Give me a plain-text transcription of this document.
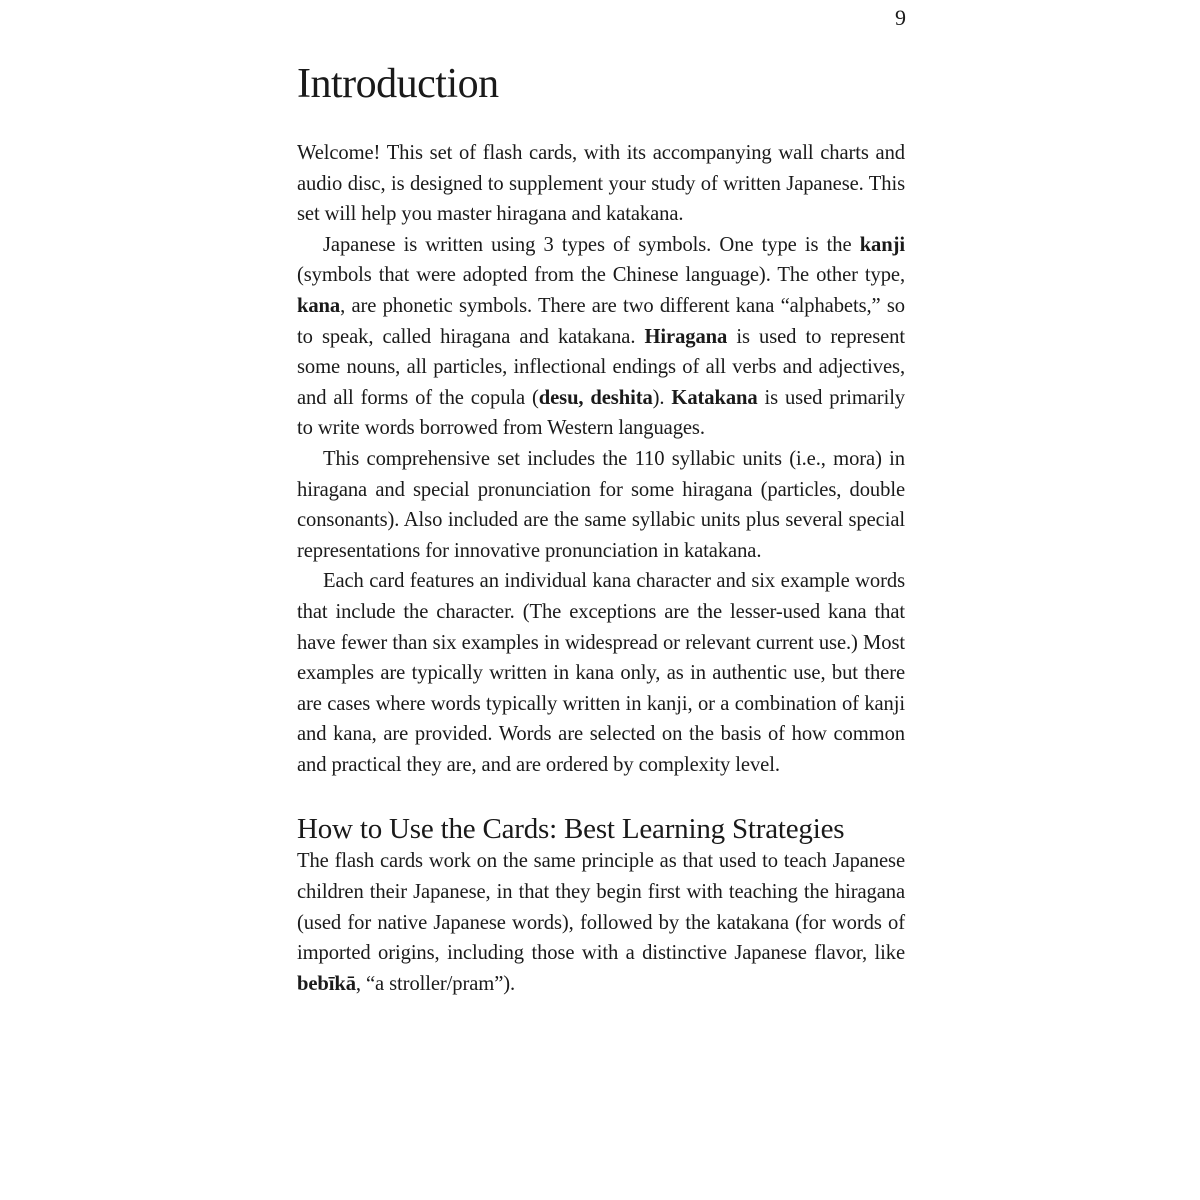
9
Introduction

Welcome! This set of flash cards, with its accompanying wall charts and audio disc, is designed to supplement your study of written Japanese. This set will help you master hiragana and katakana.

Japanese is written using 3 types of symbols. One type is the kanji (symbols that were adopted from the Chinese language). The other type, kana, are phonetic symbols. There are two different kana “alphabets,” so to speak, called hiragana and katakana. Hiragana is used to represent some nouns, all particles, inflectional endings of all verbs and adjectives, and all forms of the copula (desu, deshita). Katakana is used primarily to write words borrowed from Western languages.

This comprehensive set includes the 110 syllabic units (i.e., mora) in hiragana and special pronunciation for some hiragana (particles, double consonants). Also included are the same syllabic units plus several special representations for innovative pronunciation in katakana.

Each card features an individual kana character and six example words that include the character. (The exceptions are the lesser-used kana that have fewer than six examples in widespread or relevant current use.) Most examples are typically written in kana only, as in authentic use, but there are cases where words typically written in kanji, or a combination of kanji and kana, are provided. Words are selected on the basis of how common and practical they are, and are ordered by complexity level.

How to Use the Cards: Best Learning Strategies

The flash cards work on the same principle as that used to teach Japanese children their Japanese, in that they begin first with teaching the hiragana (used for native Japanese words), followed by the katakana (for words of imported origins, including those with a distinctive Japanese flavor, like bebīkā, “a stroller/pram”).
